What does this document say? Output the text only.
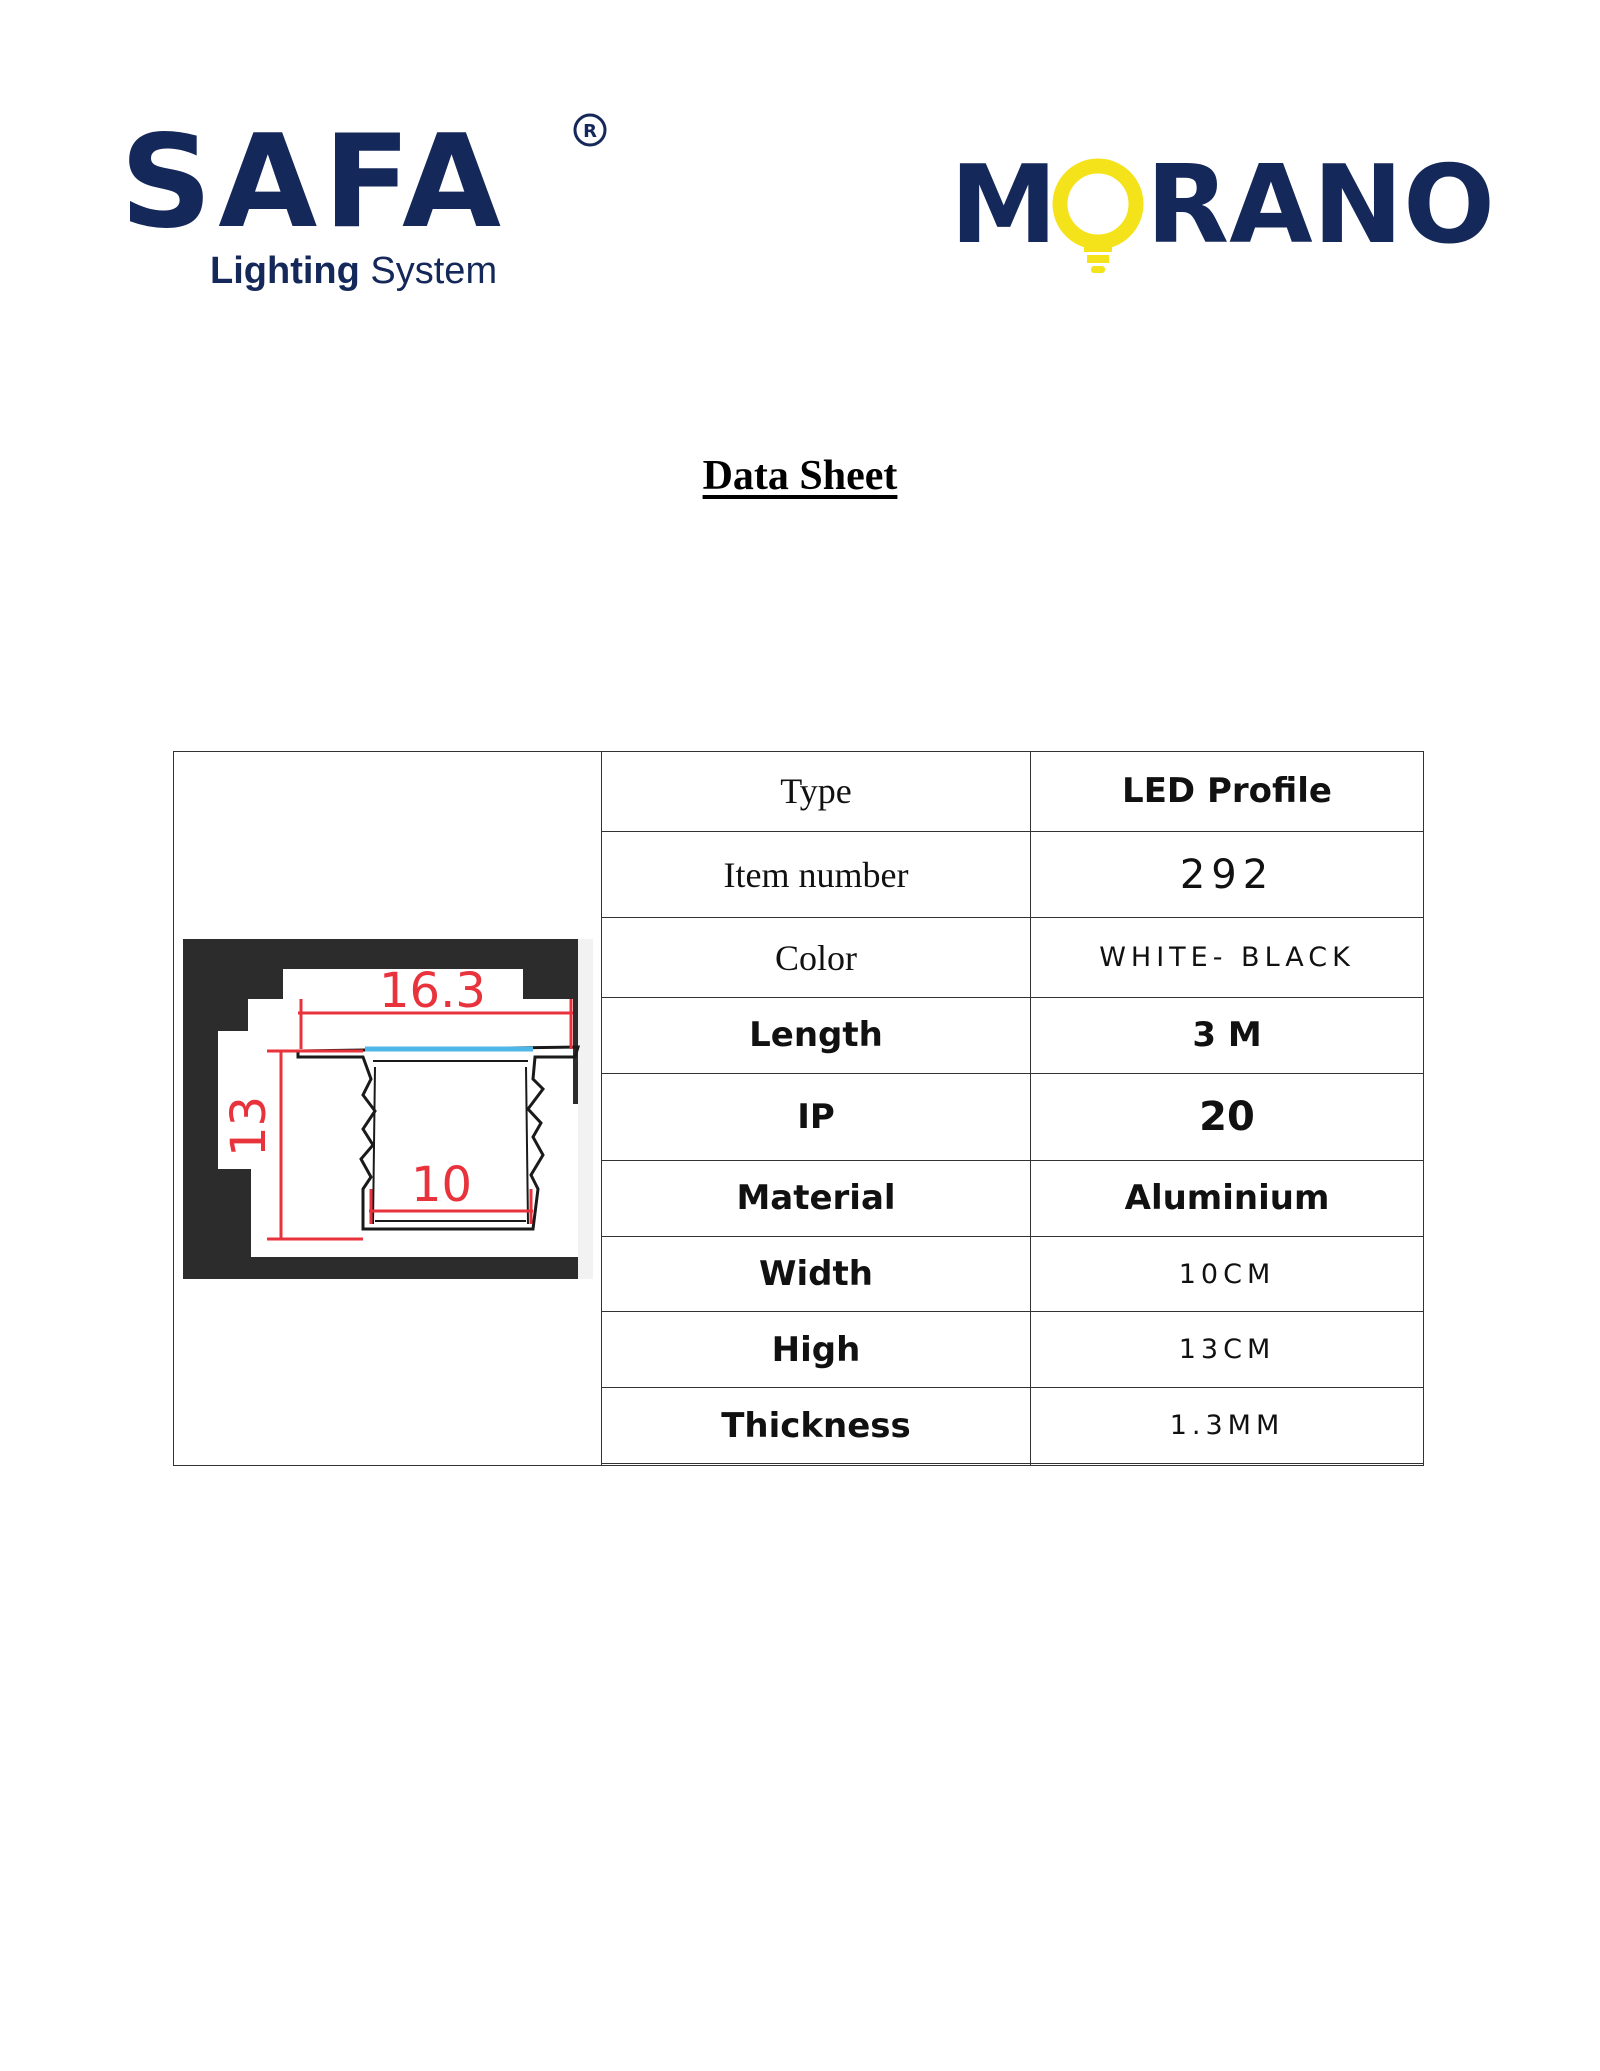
SAFA	R
Lighting System
M RANO
MORANO
Data Sheet
16.3
13
10	Type	LED Profile
	Item number	292
	Color	WHITE- BLACK
	Length	3 M
	IP	20
	Material	Aluminium
	Width	10CM
	High	13CM
	Thickness	1.3MM
